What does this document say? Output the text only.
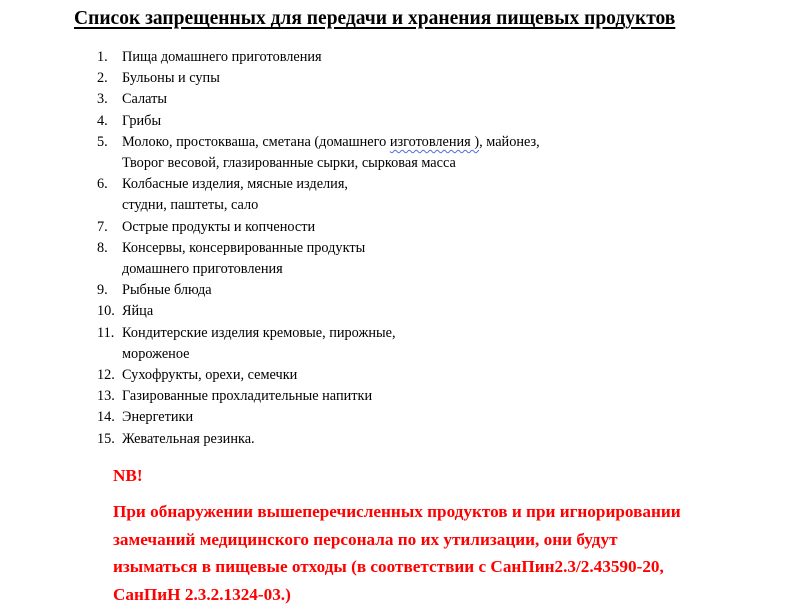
Список запрещенных для передачи и хранения пищевых продуктов
1. Пища домашнего приготовления
2. Бульоны и супы
3. Салаты
4. Грибы
5. Молоко, простокваша, сметана (домашнего изготовления ), майонез,
Творог весовой, глазированные сырки, сырковая масса
6. Колбасные изделия, мясные изделия,
студни, паштеты, сало
7. Острые продукты и копчености
8. Консервы, консервированные продукты
домашнего приготовления
9. Рыбные блюда
10. Яйца
11. Кондитерские изделия кремовые, пирожные,
мороженое
12. Сухофрукты, орехи, семечки
13. Газированные прохладительные напитки
14. Энергетики
15. Жевательная резинка.

NB!

При обнаружении вышеперечисленных продуктов и при игнорировании
замечаний медицинского персонала по их утилизации, они будут
изыматься в пищевые отходы (в соответствии с СанПин2.3/2.43590-20,
СанПиН 2.3.2.1324-03.)
